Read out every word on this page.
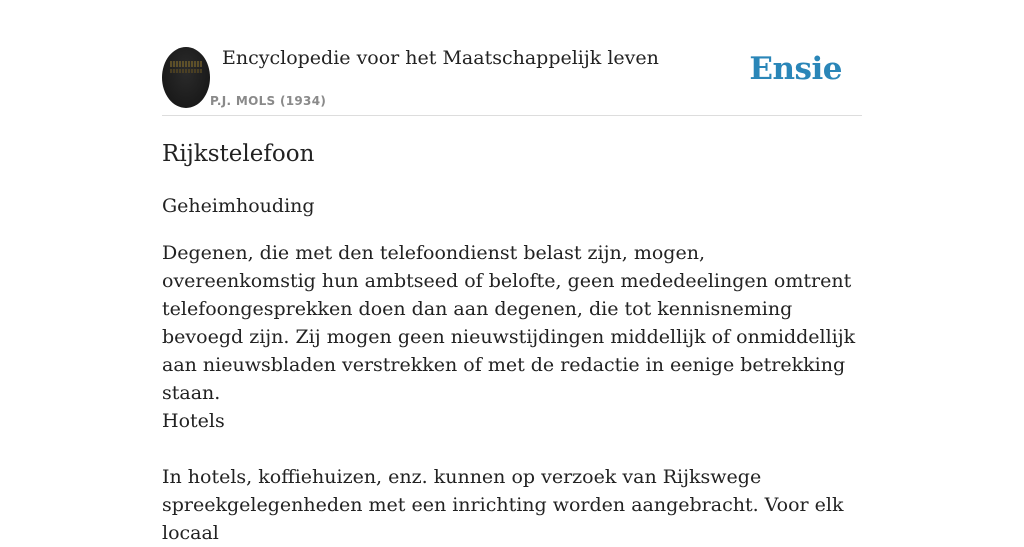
Encyclopedie voor het Maatschappelijk leven
P.J. MOLS (1934)
Ensie
Rijkstelefoon
Geheimhouding
Degenen, die met den telefoondienst belast zijn, mogen, overeenkomstig hun ambtseed of belofte, geen mededeelingen omtrent telefoongesprekken doen dan aan degenen, die tot kennisneming bevoegd zijn. Zij mogen geen nieuwstijdingen middellijk of onmiddellijk aan nieuwsbladen verstrekken of met de redactie in eenige betrekking staan.
Hotels
In hotels, koffiehuizen, enz. kunnen op verzoek van Rijkswege spreekgelegenheden met een inrichting worden aangebracht. Voor elk locaal
